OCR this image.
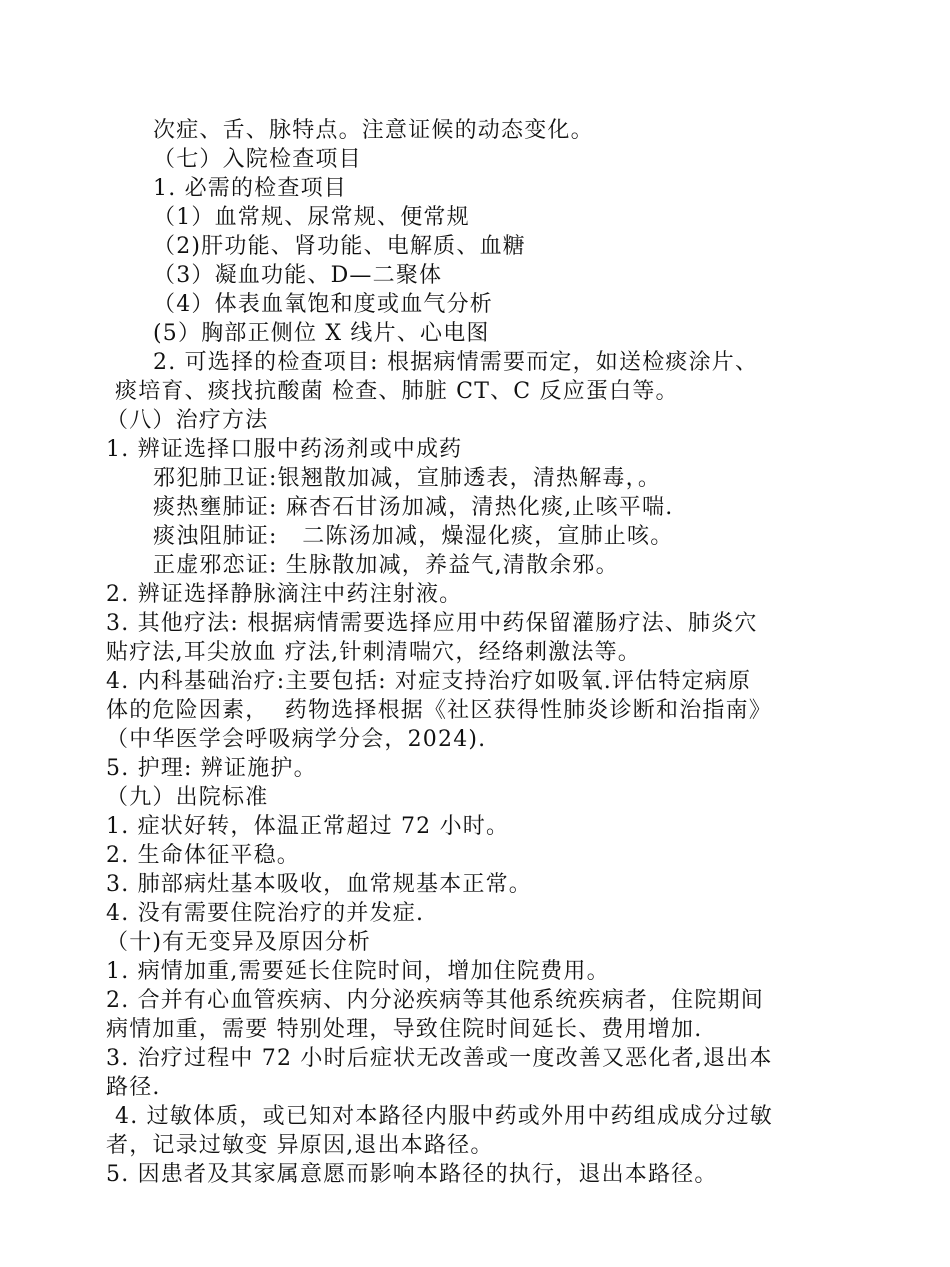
次症、舌、脉特点。注意证候的动态变化。

（七）入院检查项目

1. 必需的检查项目

（1）血常规、尿常规、便常规

（2)肝功能、肾功能、电解质、血糖

（3）凝血功能、D—二聚体

（4）体表血氧饱和度或血气分析

(5）胸部正侧位 X 线片、心电图

2. 可选择的检查项目: 根据病情需要而定，如送检痰涂片、

痰培育、痰找抗酸菌 检查、肺脏 CT、C 反应蛋白等。

（八）治疗方法

1. 辨证选择口服中药汤剂或中成药

邪犯肺卫证:银翘散加减，宣肺透表，清热解毒，。

痰热壅肺证: 麻杏石甘汤加减，清热化痰,止咳平喘.

痰浊阻肺证:   二陈汤加减，燥湿化痰，宣肺止咳。

正虚邪恋证: 生脉散加减，养益气,清散余邪。

2. 辨证选择静脉滴注中药注射液。

3. 其他疗法: 根据病情需要选择应用中药保留灌肠疗法、肺炎穴

贴疗法,耳尖放血 疗法,针刺清喘穴，经络刺激法等。

4. 内科基础治疗:主要包括: 对症支持治疗如吸氧.评估特定病原

体的危险因素，  药物选择根据《社区获得性肺炎诊断和治指南》

（中华医学会呼吸病学分会，2024).

5. 护理: 辨证施护。

（九）出院标准

1. 症状好转，体温正常超过 72 小时。

2. 生命体征平稳。

3. 肺部病灶基本吸收，血常规基本正常。

4. 没有需要住院治疗的并发症.

（十)有无变异及原因分析

1. 病情加重,需要延长住院时间，增加住院费用。

2. 合并有心血管疾病、内分泌疾病等其他系统疾病者，住院期间

病情加重，需要 特别处理，导致住院时间延长、费用增加.

3. 治疗过程中 72 小时后症状无改善或一度改善又恶化者,退出本

路径.

4. 过敏体质，或已知对本路径内服中药或外用中药组成成分过敏

者，记录过敏变 异原因,退出本路径。

5. 因患者及其家属意愿而影响本路径的执行，退出本路径。
